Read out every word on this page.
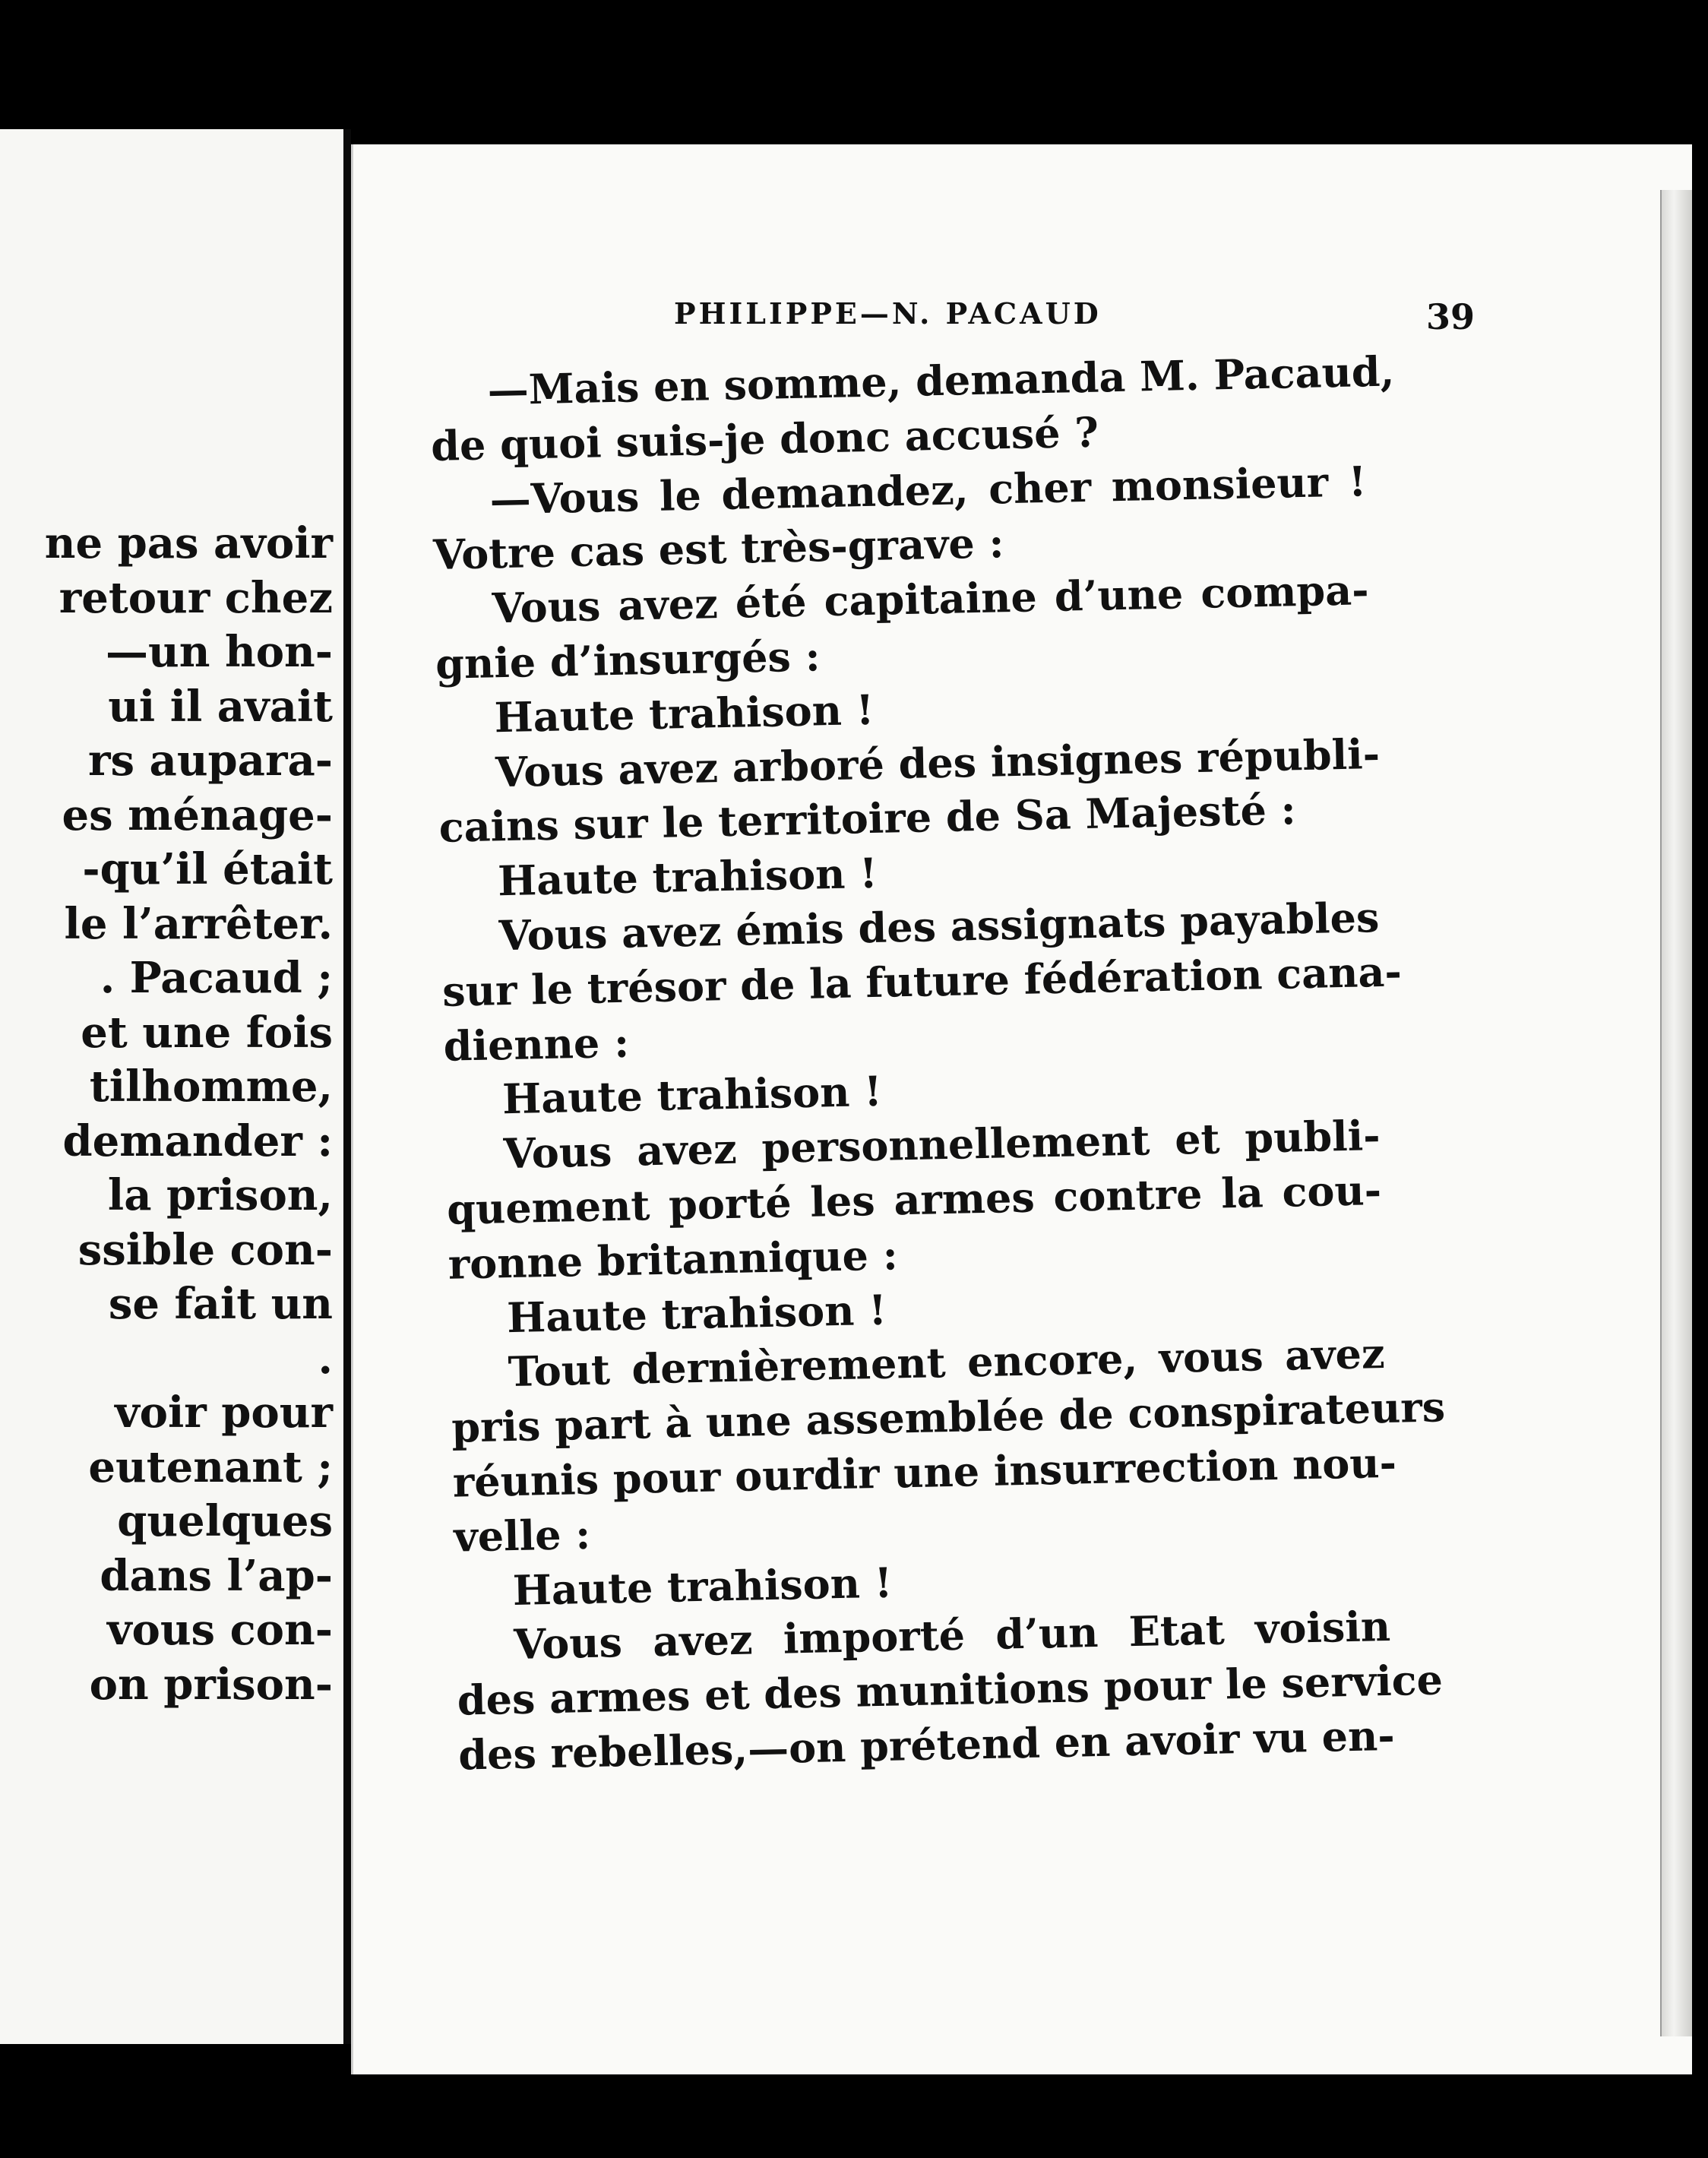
ne pas avoir
retour chez
—un hon-
ui il avait
rs aupara-
es ménage-
-qu’il était
le l’arrêter.
. Pacaud ;
et une fois
tilhomme,
demander :
la prison,
ssible con-
se fait un
.
voir pour
eutenant ;
quelques
dans l’ap-
vous con-
on prison-
PHILIPPE—N. PACAUD	39
—Mais en somme, demanda M. Pacaud,
de quoi suis-je donc accusé ?
—Vous le demandez, cher monsieur !
Votre cas est très-grave :
Vous avez été capitaine d’une compa-
gnie d’insurgés :
Haute trahison !
Vous avez arboré des insignes républi-
cains sur le territoire de Sa Majesté :
Haute trahison !
Vous avez émis des assignats payables
sur le trésor de la future fédération cana-
dienne :
Haute trahison !
Vous avez personnellement et publi-
quement porté les armes contre la cou-
ronne britannique :
Haute trahison !
Tout dernièrement encore, vous avez
pris part à une assemblée de conspirateurs
réunis pour ourdir une insurrection nou-
velle :
Haute trahison !
Vous avez importé d’un Etat voisin
des armes et des munitions pour le service
des rebelles,—on prétend en avoir vu en-
